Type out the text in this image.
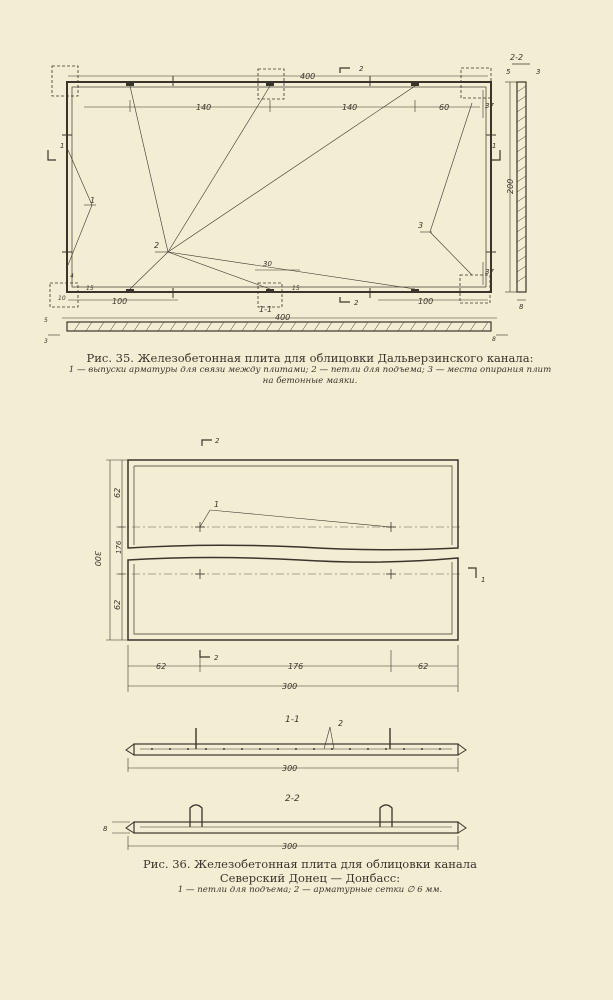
400
140	140	60	37
37
200
30
15	15
100	100
10
4
400
5	3
8
5
3	8
1
2
3
2
2
1	1
1-1
2-2
Рис. 35. Железобетонная плита для облицовки Дальверзинского канала:
1 — выпуски арматуры для связи между плитами; 2 — петли для подъема; 3 — места опирания плит
на бетонные маяки.
300
62
176
62
62	176	62
300
300
300
8
1
2
2
2
1
1-1
2-2
Рис. 36. Железобетонная плита для облицовки канала
Северский Донец — Донбасс:
1 — петли для подъема; 2 — арматурные сетки ∅ 6 мм.
